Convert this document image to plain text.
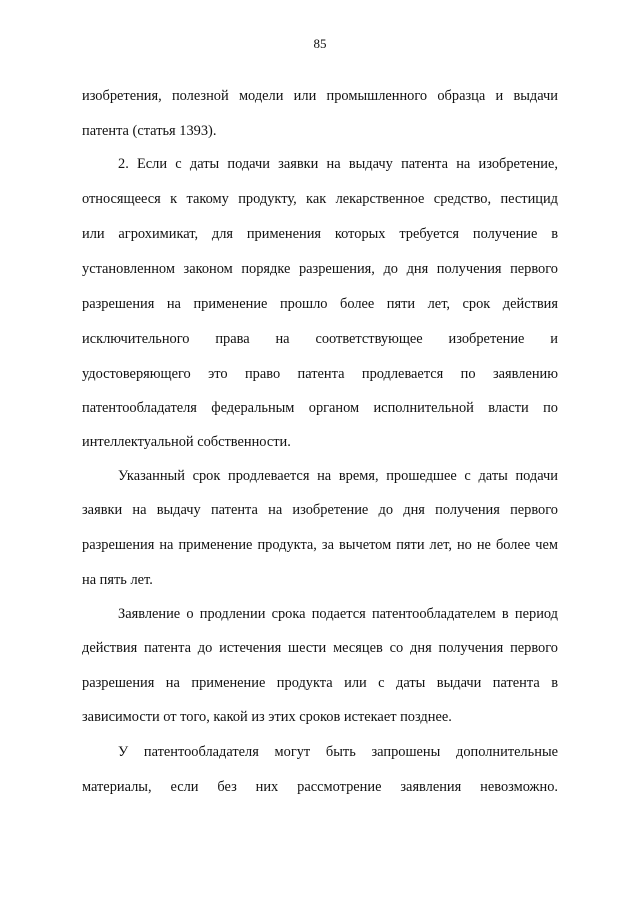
85
изобретения, полезной модели или промышленного образца и выдачи
патента (статья 1393).
2. Если с даты подачи заявки на выдачу патента на изобретение,
относящееся к такому продукту, как лекарственное средство, пестицид
или агрохимикат, для применения которых требуется получение в
установленном законом порядке разрешения, до дня получения первого
разрешения на применение прошло более пяти лет, срок действия
исключительного права на соответствующее изобретение и
удостоверяющего это право патента продлевается по заявлению
патентообладателя федеральным органом исполнительной власти по
интеллектуальной собственности.
Указанный срок продлевается на время, прошедшее с даты подачи
заявки на выдачу патента на изобретение до дня получения первого
разрешения на применение продукта, за вычетом пяти лет, но не более чем
на пять лет.
Заявление о продлении срока подается патентообладателем в период
действия патента до истечения шести месяцев со дня получения первого
разрешения на применение продукта или с даты выдачи патента в
зависимости от того, какой из этих сроков истекает позднее.
У патентообладателя могут быть запрошены дополнительные
материалы, если без них рассмотрение заявления невозможно.
